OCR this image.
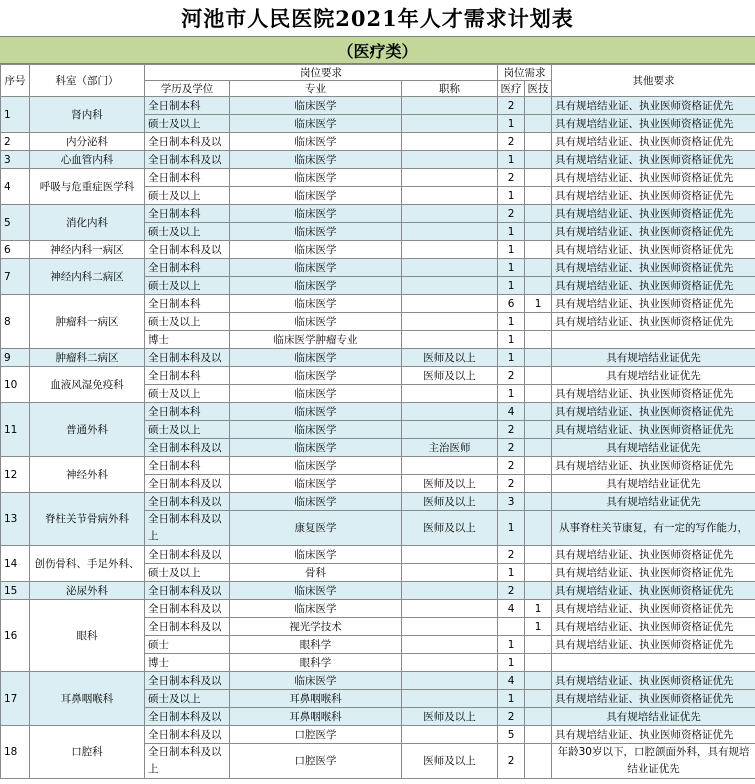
河池市人民医院2021年人才需求计划表
（医疗类）
序号	科室（部门）	岗位要求			岗位需求		其他要求
		学历及学位	专业	职称	医疗	医技	
1	肾内科	全日制本科	临床医学		2		具有规培结业证、执业医师资格证优先
		硕士及以上	临床医学		1		具有规培结业证、执业医师资格证优先
2	内分泌科	全日制本科及以	临床医学		2		具有规培结业证、执业医师资格证优先
3	心血管内科	全日制本科及以	临床医学		1		具有规培结业证、执业医师资格证优先
4	呼吸与危重症医学科	全日制本科	临床医学		2		具有规培结业证、执业医师资格证优先
		硕士及以上	临床医学		1		具有规培结业证、执业医师资格证优先
5	消化内科	全日制本科	临床医学		2		具有规培结业证、执业医师资格证优先
		硕士及以上	临床医学		1		具有规培结业证、执业医师资格证优先
6	神经内科一病区	全日制本科及以	临床医学		1		具有规培结业证、执业医师资格证优先
7	神经内科二病区	全日制本科	临床医学		1		具有规培结业证、执业医师资格证优先
		硕士及以上	临床医学		1		具有规培结业证、执业医师资格证优先
8	肿瘤科一病区	全日制本科	临床医学		6	1	具有规培结业证、执业医师资格证优先
		硕士及以上	临床医学		1		具有规培结业证、执业医师资格证优先
		博士	临床医学肿瘤专业		1		
9	肿瘤科二病区	全日制本科及以	临床医学	医师及以上	1		具有规培结业证优先
10	血液风湿免疫科	全日制本科	临床医学	医师及以上	2		具有规培结业证优先
		硕士及以上	临床医学		1		具有规培结业证、执业医师资格证优先
11	普通外科	全日制本科	临床医学		4		具有规培结业证、执业医师资格证优先
		硕士及以上	临床医学		2		具有规培结业证、执业医师资格证优先
		全日制本科及以	临床医学	主治医师	2		具有规培结业证优先
12	神经外科	全日制本科	临床医学		2		具有规培结业证、执业医师资格证优先
		全日制本科及以	临床医学	医师及以上	2		具有规培结业证优先
13	脊柱关节骨病外科	全日制本科及以	临床医学	医师及以上	3		具有规培结业证优先
		全日制本科及以上	康复医学	医师及以上	1		从事脊柱关节康复，有一定的写作能力，
14	创伤骨科、手足外科、	全日制本科及以	临床医学		2		具有规培结业证、执业医师资格证优先
		硕士及以上	骨科		1		具有规培结业证、执业医师资格证优先
15	泌尿外科	全日制本科及以	临床医学		2		具有规培结业证、执业医师资格证优先
16	眼科	全日制本科及以	临床医学		4	1	具有规培结业证、执业医师资格证优先
		全日制本科及以	视光学技术			1	具有规培结业证、执业医师资格证优先
		硕士	眼科学		1		具有规培结业证、执业医师资格证优先
		博士	眼科学		1		
17	耳鼻咽喉科	全日制本科及以	临床医学		4		具有规培结业证、执业医师资格证优先
		硕士及以上	耳鼻咽喉科		1		具有规培结业证、执业医师资格证优先
		全日制本科及以	耳鼻咽喉科	医师及以上	2		具有规培结业证优先
18	口腔科	全日制本科及以	口腔医学		5		具有规培结业证、执业医师资格证优先
		全日制本科及以上	口腔医学	医师及以上	2		年龄30岁以下，口腔颌面外科，具有规培结业证优先
